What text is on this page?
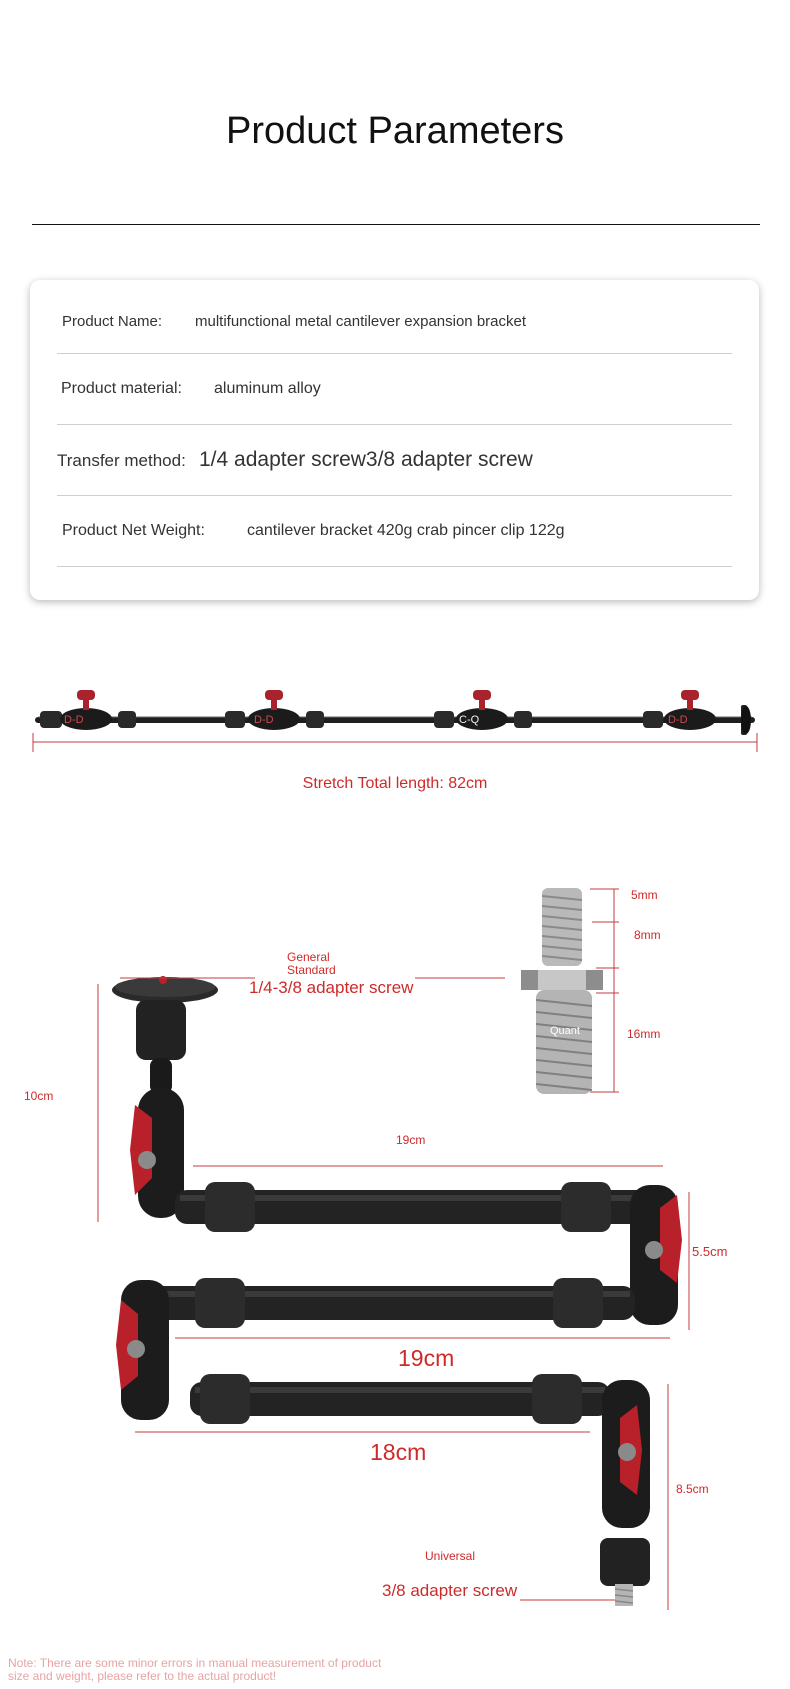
Product Parameters
Product Name: multifunctional metal cantilever expansion bracket
Product material: aluminum alloy
Transfer method: 1/4 adapter screw3/8 adapter screw
Product Net Weight:	cantilever bracket 420g crab pincer clip 122g
D-D	D-D	C-Q	D-D
Quant
Stretch Total length: 82cm
General
Standard
1/4-3/8 adapter screw
5mm
8mm
16mm
10cm
19cm
5.5cm
19cm
18cm
8.5cm
Universal
3/8 adapter screw
Note: There are some minor errors in manual measurement of product
size and weight, please refer to the actual product!
